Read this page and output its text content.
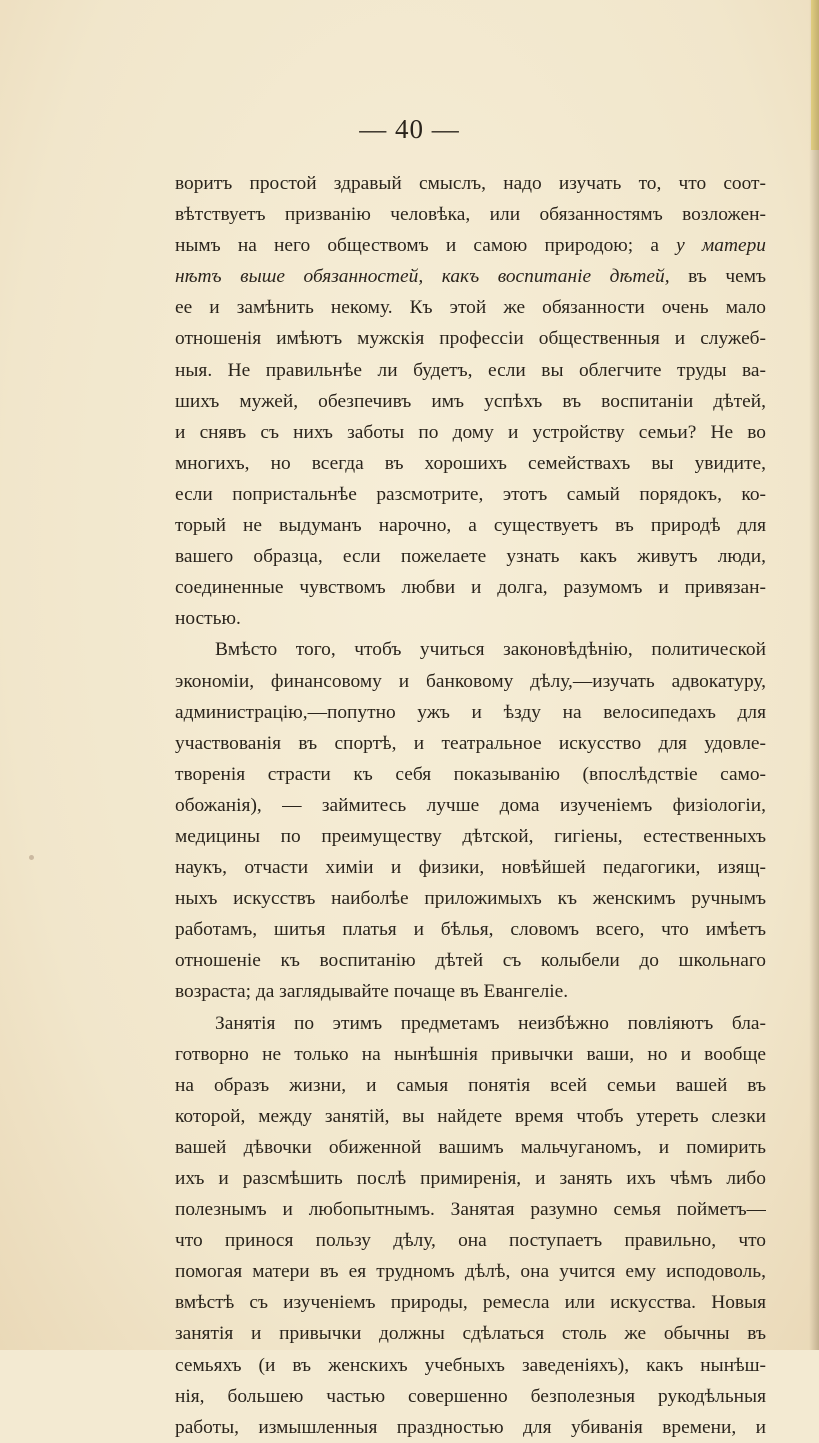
— 40 —
воритъ простой здравый смыслъ, надо изучать то, что соот-
вѣтствуетъ призванію человѣка, или обязанностямъ возложен-
нымъ на него обществомъ и самою природою; а у матери
нѣтъ выше обязанностей, какъ воспитаніе дѣтей, въ чемъ
ее и замѣнить некому. Къ этой же обязанности очень мало
отношенія имѣютъ мужскія профессіи общественныя и служеб-
ныя. Не правильнѣе ли будетъ, если вы облегчите труды ва-
шихъ мужей, обезпечивъ имъ успѣхъ въ воспитаніи дѣтей,
и снявъ съ нихъ заботы по дому и устройству семьи? Не во
многихъ, но всегда въ хорошихъ семействахъ вы увидите,
если попристальнѣе разсмотрите, этотъ самый порядокъ, ко-
торый не выдуманъ нарочно, а существуетъ въ природѣ для
вашего образца, если пожелаете узнать какъ живутъ люди,
соединенные чувствомъ любви и долга, разумомъ и привязан-
ностью.
Вмѣсто того, чтобъ учиться законовѣдѣнію, политической
экономіи, финансовому и банковому дѣлу,—изучать адвокатуру,
администрацію,—попутно ужъ и ѣзду на велосипедахъ для
участвованія въ спортѣ, и театральное искусство для удовле-
творенія страсти къ себя показыванію (впослѣдствіе само-
обожанія), — займитесь лучше дома изученіемъ физіологіи,
медицины по преимуществу дѣтской, гигіены, естественныхъ
наукъ, отчасти химіи и физики, новѣйшей педагогики, изящ-
ныхъ искусствъ наиболѣе приложимыхъ къ женскимъ ручнымъ
работамъ, шитья платья и бѣлья, словомъ всего, что имѣетъ
отношеніе къ воспитанію дѣтей съ колыбели до школьнаго
возраста; да заглядывайте почаще въ Евангеліе.
Занятія по этимъ предметамъ неизбѣжно повліяютъ бла-
готворно не только на нынѣшнія привычки ваши, но и вообще
на образъ жизни, и самыя понятія всей семьи вашей въ
которой, между занятій, вы найдете время чтобъ утереть слезки
вашей дѣвочки обиженной вашимъ мальчуганомъ, и помирить
ихъ и разсмѣшить послѣ примиренія, и занять ихъ чѣмъ либо
полезнымъ и любопытнымъ. Занятая разумно семья пойметъ—
что принося пользу дѣлу, она поступаетъ правильно, что
помогая матери въ ея трудномъ дѣлѣ, она учится ему исподоволь,
вмѣстѣ съ изученіемъ природы, ремесла или искусства. Новыя
занятія и привычки должны сдѣлаться столь же обычны въ
семьяхъ (и въ женскихъ учебныхъ заведеніяхъ), какъ нынѣш-
нія, большею частью совершенно безполезныя рукодѣльныя
работы, измышленныя праздностью для убиванія времени, и
